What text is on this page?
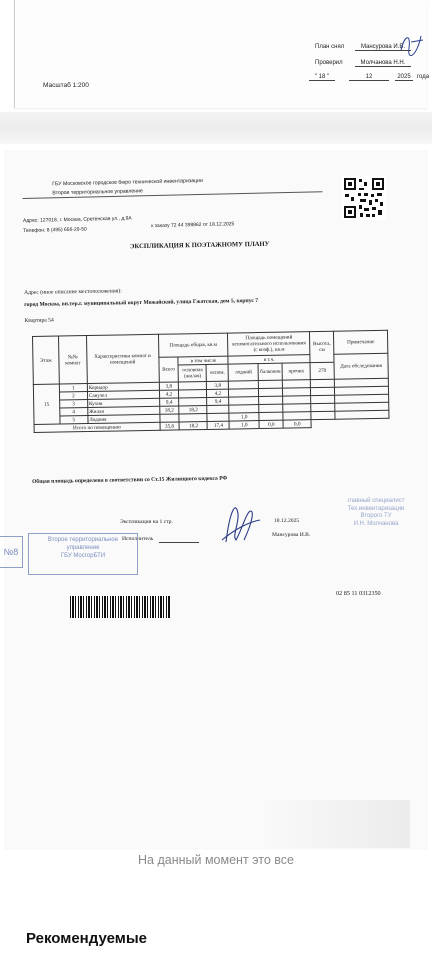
План снял	Мансурова И.В.
Проверил	Молчанова Н.Н.
Масштаб 1:200
" 18 "	12	2025	года
ГБУ Московское городское бюро технической инвентаризации
Второе территориальное управление
Адрес: 127018, г. Москва, Сретенская ул., д.9А
Телефон: 8 (495) 656-29-50
к заказу 72 44 398862 от 18.12.2025
ЭКСПЛИКАЦИЯ К ПОЭТАЖНОМУ ПЛАНУ
Адрес (иное описание местоположения):
город Москва, вн.тер.г. муниципальный округ Можайский, улица Гжатская, дом 5, корпус 7
Квартира 54
Этаж	№№ комнат	Характеристики комнат и помещений	Площадь общая, кв.м			Площадь помещений вспомогательного использования (с коэф.), кв.м			Высота, см	Примечание

			Всего	в том числе		в т.ч.				Дата обследования
				основная (жилая)	вспом.	лоджий	балконов	прочих	270	
15	1	Коридор	3,8		3,8					
	2	Санузел	4,2		4,2					
	3	Кухня	9,4		9,4					
	4	Жилая	18,2	18,2						
	5	Лоджия				1,0				
Итого по помещению			35,6	18,2	17,4	1,0	0,0	0,0		
Общая площадь определена в соответствии со Ст.15 Жилищного кодекса РФ
Экспликация на 1 стр.
Исполнитель
18.12.2025
Мансурова И.В.
№8
Второе территориальное
управление
ГБУ МосгорБТИ
главный специалист
Тех.инвентаризации
Второго ТУ
И.Н. Молчанова
02 85 11 0312350
На данный момент это все
Рекомендуемые
